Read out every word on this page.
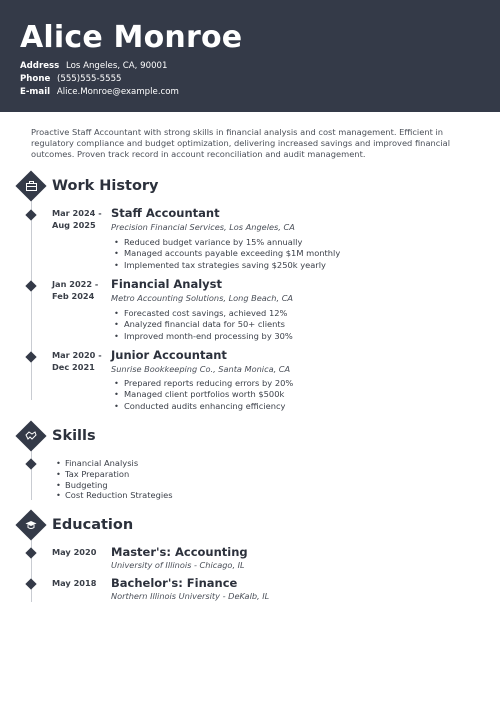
Alice Monroe
Address Los Angeles, CA, 90001
Phone (555)555-5555
E-mail Alice.Monroe@example.com
Proactive Staff Accountant with strong skills in financial analysis and cost management. Efficient in regulatory compliance and budget optimization, delivering increased savings and improved financial outcomes. Proven track record in account reconciliation and audit management.
Work History
Mar 2024 -
Aug 2025
Staff Accountant
Precision Financial Services, Los Angeles, CA
• Reduced budget variance by 15% annually
• Managed accounts payable exceeding $1M monthly
• Implemented tax strategies saving $250k yearly
Jan 2022 -
Feb 2024
Financial Analyst
Metro Accounting Solutions, Long Beach, CA
• Forecasted cost savings, achieved 12%
• Analyzed financial data for 50+ clients
• Improved month-end processing by 30%
Mar 2020 -
Dec 2021
Junior Accountant
Sunrise Bookkeeping Co., Santa Monica, CA
• Prepared reports reducing errors by 20%
• Managed client portfolios worth $500k
• Conducted audits enhancing efficiency
Skills
• Financial Analysis
• Tax Preparation
• Budgeting
• Cost Reduction Strategies
Education
May 2020	Master's: Accounting
University of Illinois - Chicago, IL
May 2018	Bachelor's: Finance
Northern Illinois University - DeKalb, IL
